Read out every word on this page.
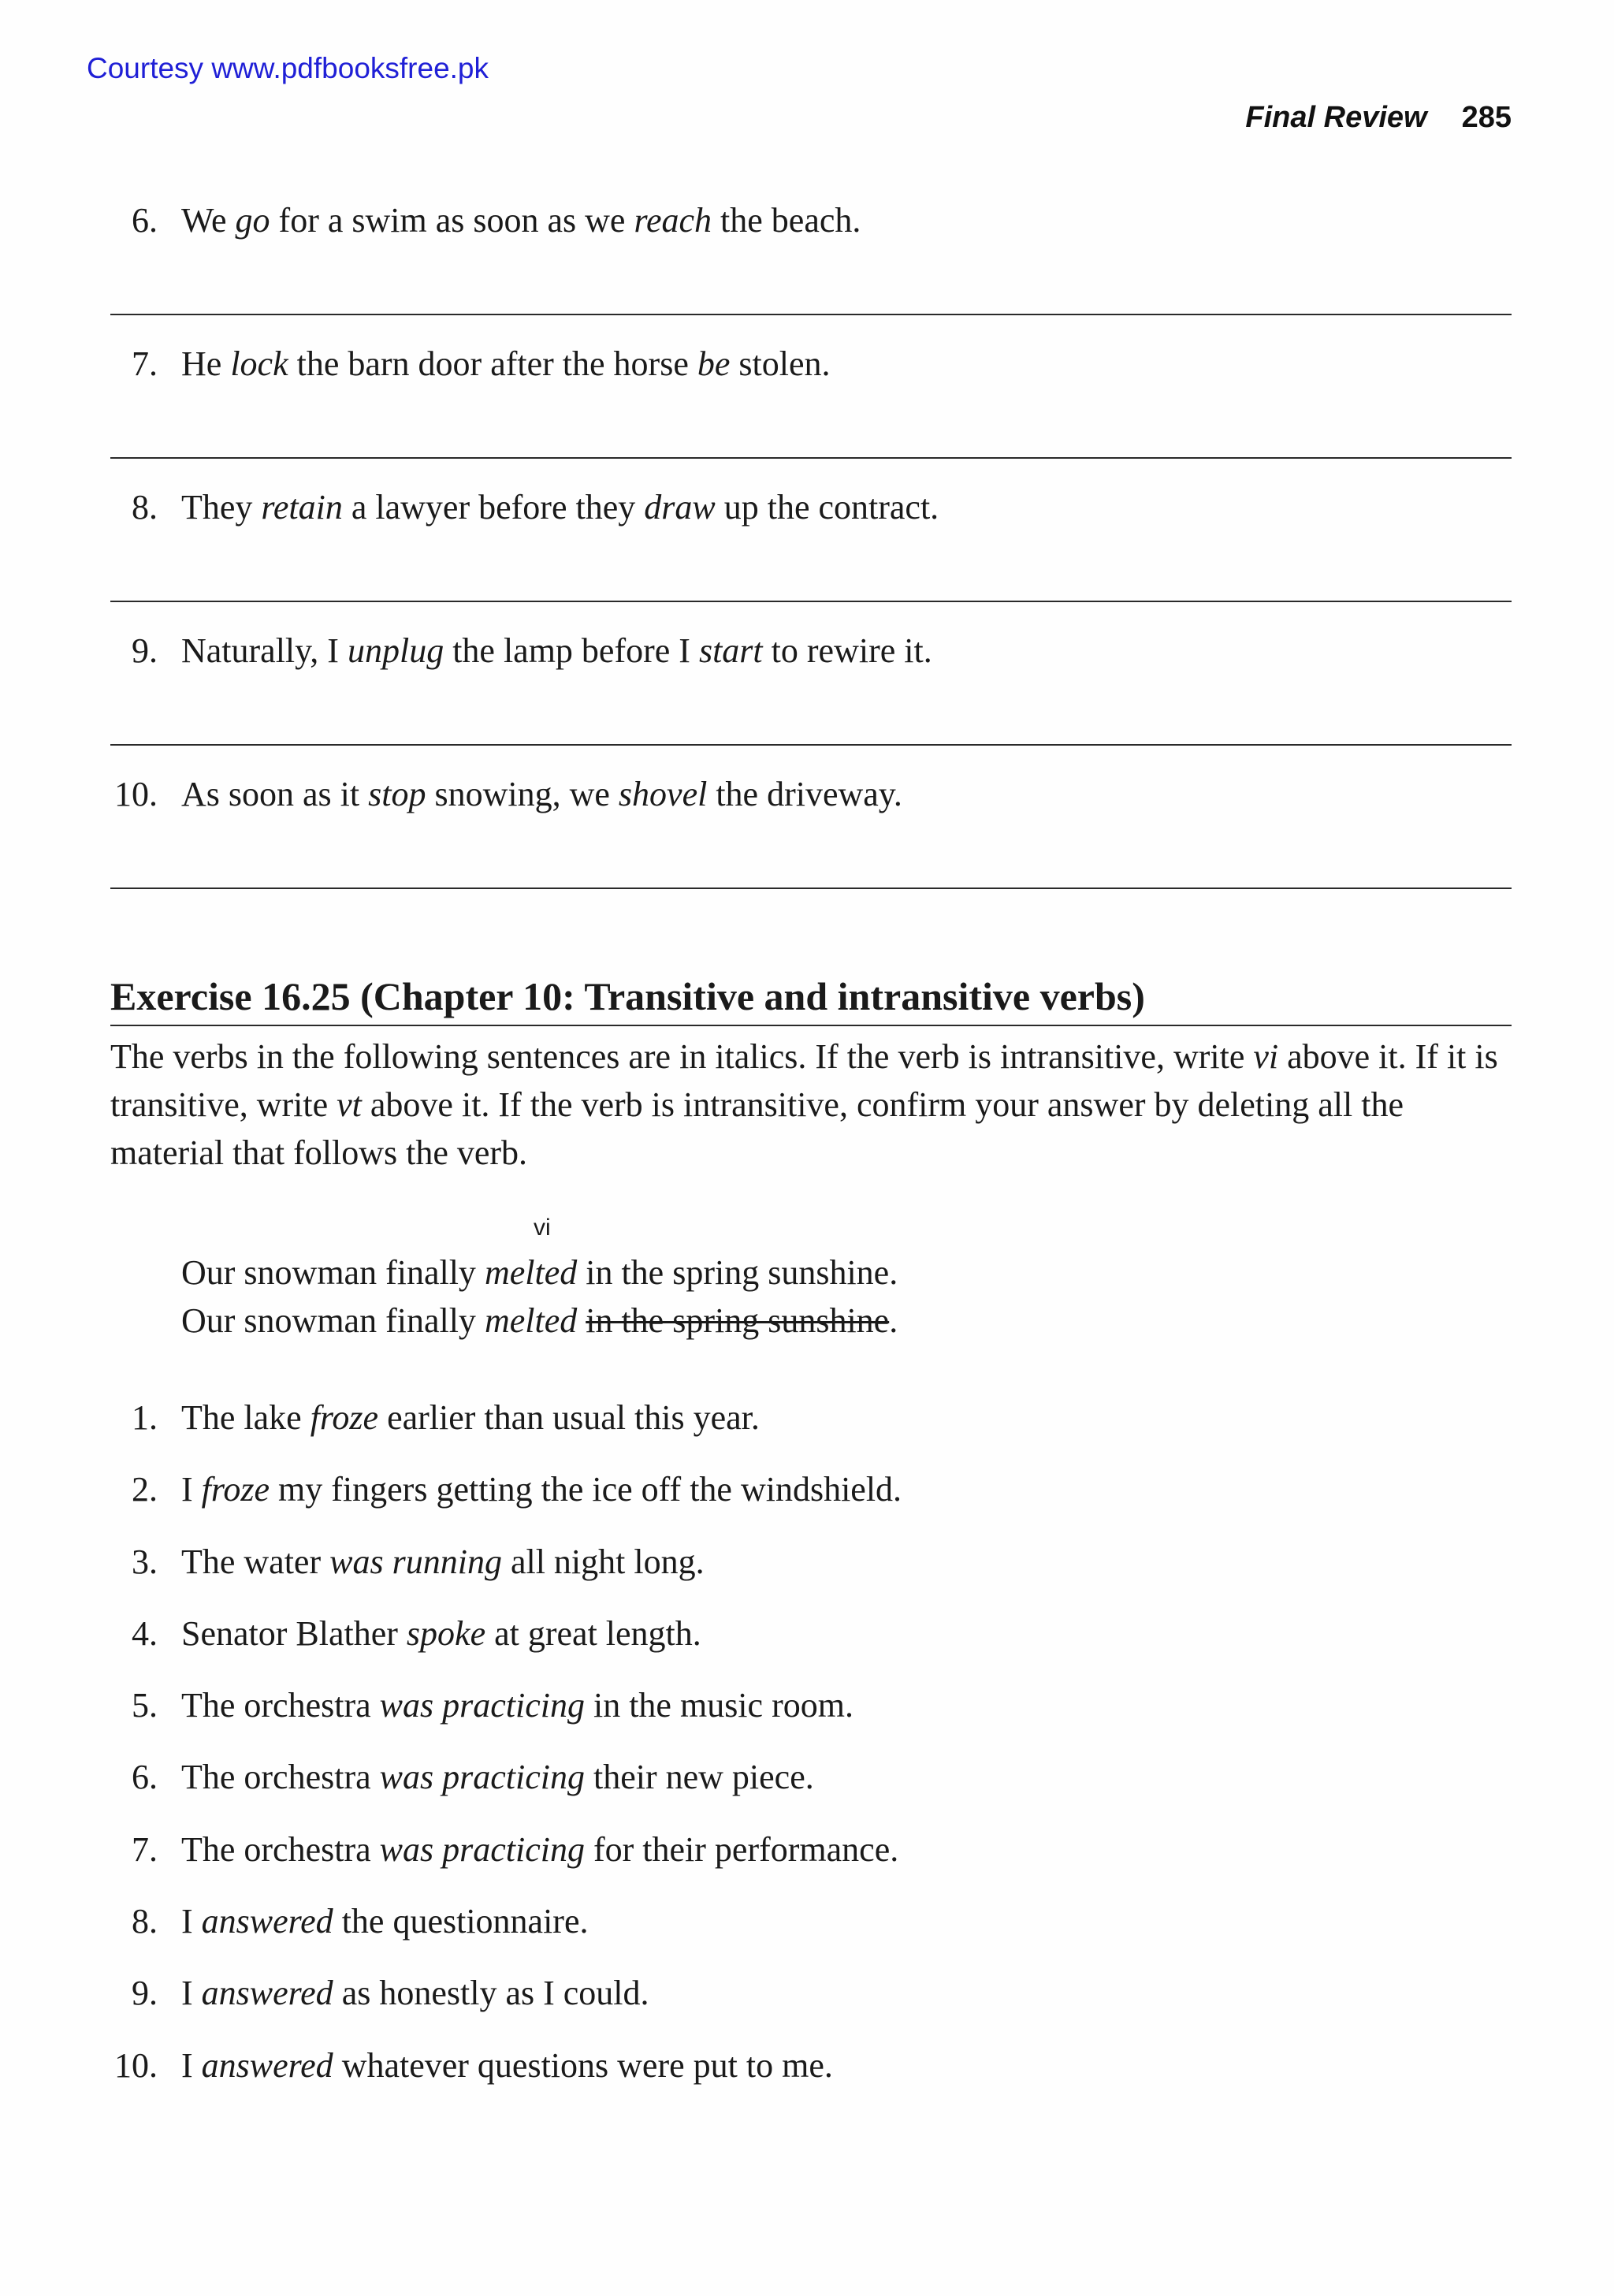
Courtesy www.pdfbooksfree.pk
Final Review 285
6. We go for a swim as soon as we reach the beach.
7. He lock the barn door after the horse be stolen.
8. They retain a lawyer before they draw up the contract.
9. Naturally, I unplug the lamp before I start to rewire it.
10. As soon as it stop snowing, we shovel the driveway.
Exercise 16.25 (Chapter 10: Transitive and intransitive verbs)
The verbs in the following sentences are in italics. If the verb is intransitive, write vi above it. If it is transitive, write vt above it. If the verb is intransitive, confirm your answer by deleting all the material that follows the verb.
vi
Our snowman finally melted in the spring sunshine.
Our snowman finally melted in the spring sunshine.
1. The lake froze earlier than usual this year.
2. I froze my fingers getting the ice off the windshield.
3. The water was running all night long.
4. Senator Blather spoke at great length.
5. The orchestra was practicing in the music room.
6. The orchestra was practicing their new piece.
7. The orchestra was practicing for their performance.
8. I answered the questionnaire.
9. I answered as honestly as I could.
10. I answered whatever questions were put to me.
